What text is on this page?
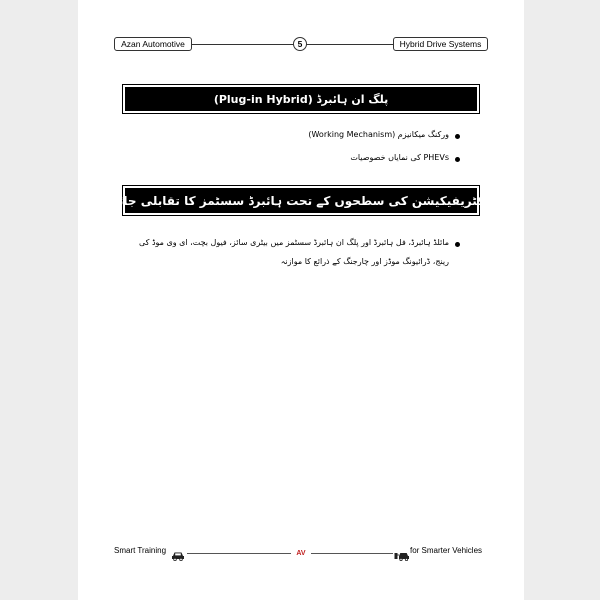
Azan Automotive	5	Hybrid Drive Systems
پلگ ان ہائبرڈ (Plug-in Hybrid)
ورکنگ میکانیزم (Working Mechanism)
PHEVs کی نمایاں خصوصیات
الیکٹریفیکیشن کی سطحوں کے تحت ہائبرڈ سسٹمز کا تقابلی جائزہ
مائلڈ ہائبرڈ، فل ہائبرڈ اور پلگ ان ہائبرڈ سسٹمز میں بیٹری سائز، فیول بچت، ای وی موڈ کی رینج، ڈرائیونگ موڈز اور چارجنگ کے ذرائع کا موازنہ
Smart Training	AV	for Smarter Vehicles
